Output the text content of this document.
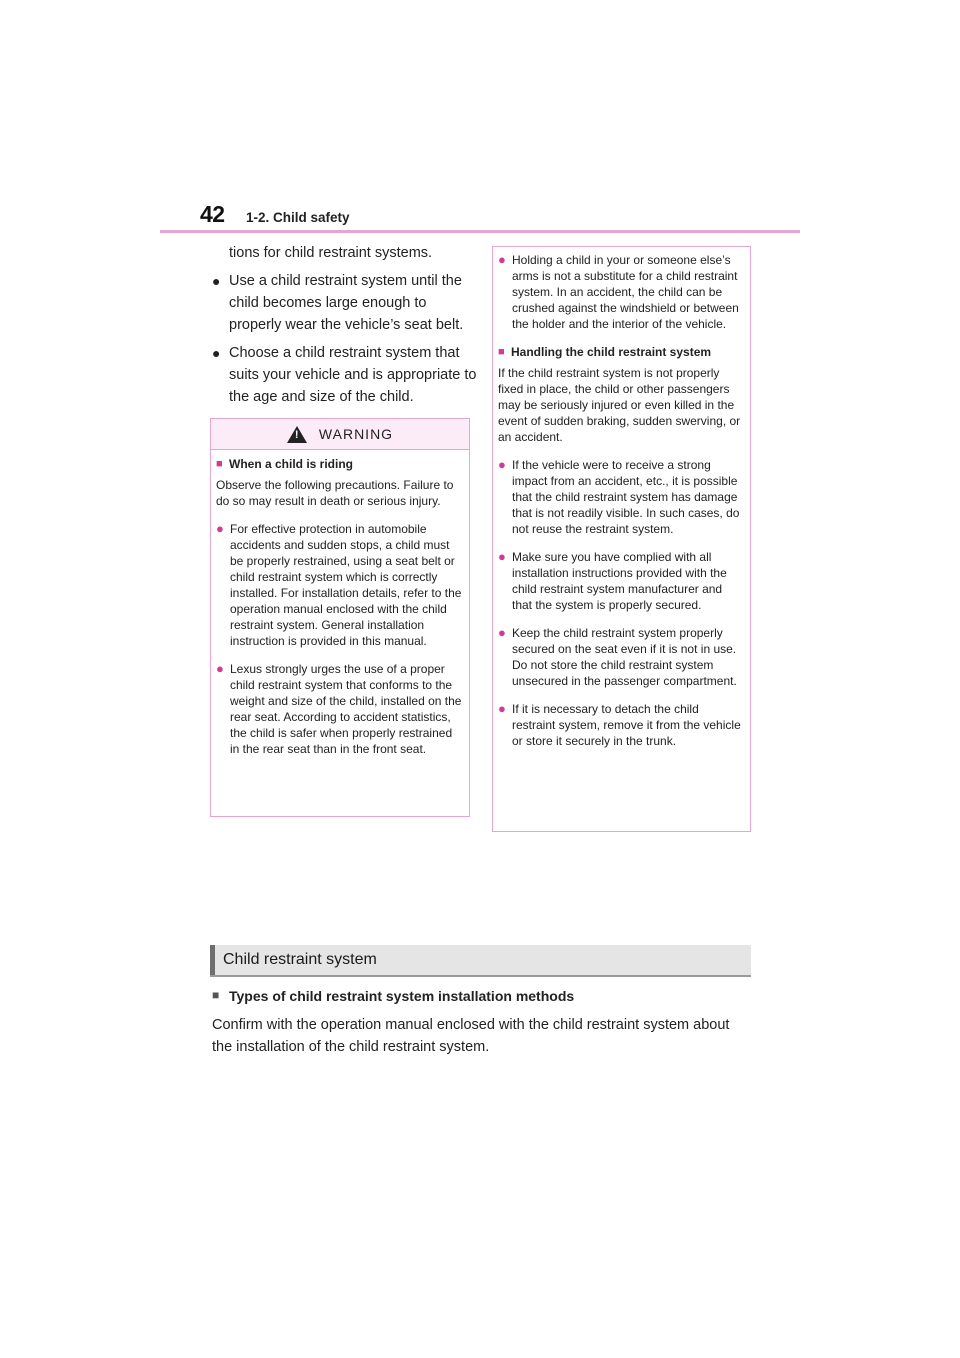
42 1-2. Child safety
tions for child restraint systems.
● Use a child restraint system until the child becomes large enough to properly wear the vehicle’s seat belt.
● Choose a child restraint system that suits your vehicle and is appropriate to the age and size of the child.
! WARNING
■ When a child is riding
Observe the following precautions. Failure to do so may result in death or serious injury.
● For effective protection in automobile accidents and sudden stops, a child must be properly restrained, using a seat belt or child restraint system which is correctly installed. For installation details, refer to the operation manual enclosed with the child restraint system. General installation instruction is provided in this manual.
● Lexus strongly urges the use of a proper child restraint system that conforms to the weight and size of the child, installed on the rear seat. According to accident statistics, the child is safer when properly restrained in the rear seat than in the front seat.
● Holding a child in your or someone else’s arms is not a substitute for a child restraint system. In an accident, the child can be crushed against the windshield or between the holder and the interior of the vehicle.
■ Handling the child restraint system
If the child restraint system is not properly fixed in place, the child or other passengers may be seriously injured or even killed in the event of sudden braking, sudden swerving, or an accident.
● If the vehicle were to receive a strong impact from an accident, etc., it is possible that the child restraint system has damage that is not readily visible. In such cases, do not reuse the restraint system.
● Make sure you have complied with all installation instructions provided with the child restraint system manufacturer and that the system is properly secured.
● Keep the child restraint system properly secured on the seat even if it is not in use. Do not store the child restraint system unsecured in the passenger compartment.
● If it is necessary to detach the child restraint system, remove it from the vehicle or store it securely in the trunk.
Child restraint system
■ Types of child restraint system installation methods
Confirm with the operation manual enclosed with the child restraint system about the installation of the child restraint system.
